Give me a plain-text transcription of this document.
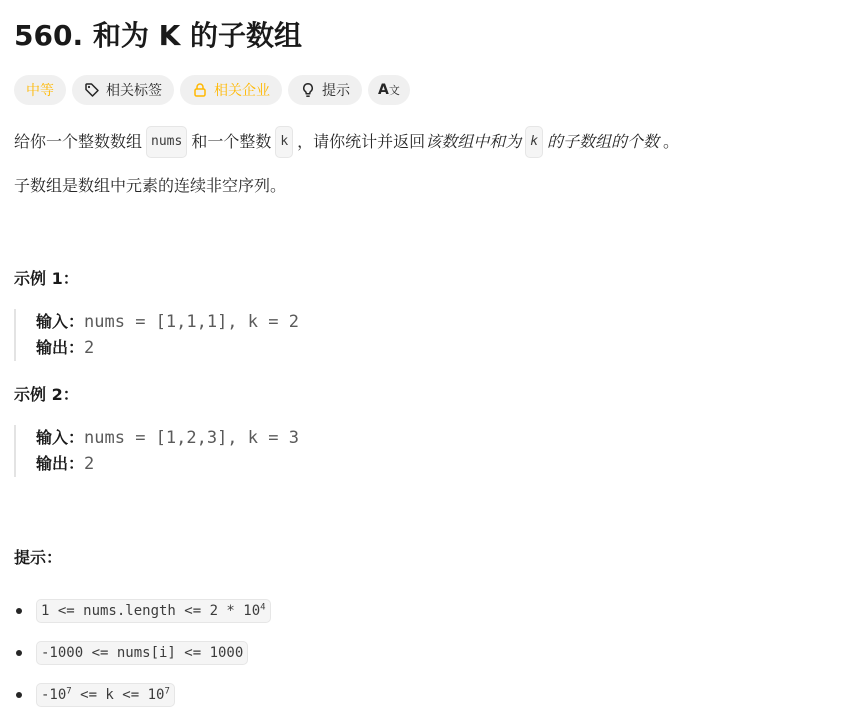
560. 和为 K 的子数组
中等	相关标签	相关企业	提示 A文
给你一个整数数组 nums 和一个整数 k ，请你统计并返回 该数组中和为 k 的子数组的个数 。
子数组是数组中元素的连续非空序列。
示例 1：
输入： nums = [1,1,1], k = 2
输出： 2
示例 2：
输入： nums = [1,2,3], k = 3
输出： 2
提示：
1 <= nums.length <= $2 * 10^4$
-1000 <= nums[i] <= 1000
$-10^7 <= k <= 10^7$
